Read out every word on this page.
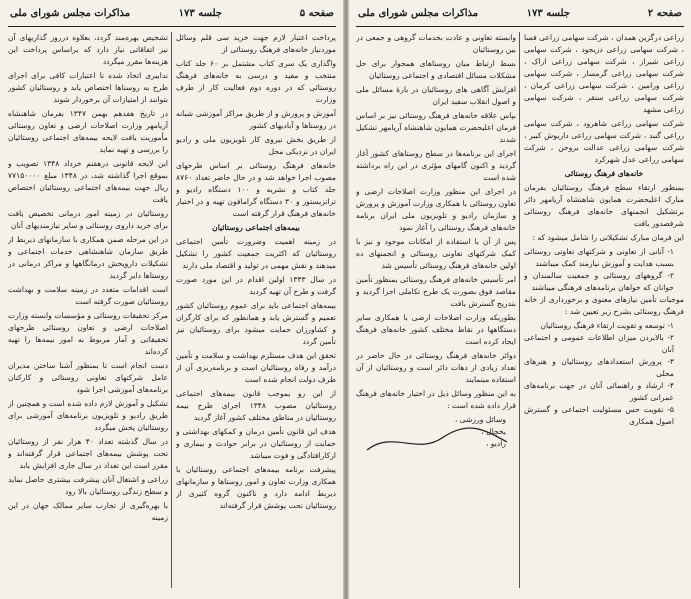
صفحه ۵
جلسه ۱۷۳
مذاکرات مجلس شورای ملی

پرداخت اعتبار لازم جهت خرید سی قلم وسائل موردنیاز خانه‌های فرهنگ روستائی از

واگذاری یک سری کتاب مشتمل بر ۶۰ جلد کتاب منتخب و مفید و درسی به خانه‌های فرهنگ روستائی که در دوره دوم فعالیت کار از طرف وزارت

آموزش و پرورش و از طریق مراکز آموزشی شبانه در روستاها و آبادیهای کشور

از طریق بخش نیروی کار تلویزیون ملی و رادیو ایران در نزدیکی محل

خانه‌های فرهنگ روستائی بر اساس طرحهای مصوب اجرا خواهد شد و در حال حاضر تعداد ۸۷۶۰ جلد کتاب و نشریه و ۱۰۰ دستگاه رادیو و ترانزیستور و ۳۰ دستگاه گرامافون تهیه و در اختیار خانه‌های فرهنگ قرار گرفته است

بیمه‌های اجتماعی روستائیان

در زمینه اهمیت وضرورت تأمین اجتماعی روستائیان که اکثریت جمعیت کشور را تشکیل میدهند و نقش مهمی در تولید و اقتصاد ملی دارند

در سال ۱۳۴۳ اولین اقدام در این مورد صورت گرفت و طرح آن تهیه گردید

بیمه‌های اجتماعی باید برای عموم روستائیان کشور تعمیم و گسترش یابد و همانطور که برای کارگران و کشاورزان حمایت میشود برای روستائیان نیز تأمین گردد

تحقق این هدف مستلزم بهداشت و سلامت و تأمین درآمد و رفاه روستائیان است و برنامه‌ریزی آن از طرف دولت انجام شده است

از این رو بموجب قانون بیمه‌های اجتماعی روستائیان مصوب ۱۳۴۸ اجرای طرح بیمه روستائیان در مناطق مختلف کشور آغاز گردید

هدف این قانون تأمین درمان و کمکهای بهداشتی و حمایت از روستائیان در برابر حوادث و بیماری و ازکارافتادگی و فوت میباشد

پیشرفت برنامه بیمه‌های اجتماعی روستائیان با همکاری وزارت تعاون و امور روستاها و سازمانهای ذیربط ادامه دارد و تاکنون گروه کثیری از روستائیان تحت پوشش قرار گرفته‌اند

تشخیص بهره‌مند گردد، بعلاوه درروز گذاریهای آن نیز اتفاقاتی نیاز دارد که براساس پرداخت این هزینه‌ها مقرر میگردد

تدابیری اتخاذ شده تا اعتبارات کافی برای اجرای طرح به روستاها اختصاص یابد و روستائیان کشور بتوانند از امتیازات آن برخوردار شوند

در تاریخ هفدهم بهمن ۱۳۴۷ بفرمان شاهنشاه آریامهر وزارت اصلاحات ارضی و تعاون روستائی مأموریت یافت لایحه بیمه‌های اجتماعی روستائیان را بررسی و تهیه نماید

این لایحه قانونی درهفتم خرداد ۱۳۴۸ تصویب و بموقع اجرا گذاشته شد، در ۱۳۴۸ مبلغ ۷۷۱۵۰۰۰۰ ریال جهت بیمه‌های اجتماعی روستائیان اختصاص یافت

روستائیان در زمینه امور درمانی تخصیص یافت برای خرید داروی روستائی و سایر نیازمندیهای آنان

در این مرحله ضمن همکاری با سازمانهای ذیربط از طریق سازمان شاهنشاهی خدمات اجتماعی و تشکیلات داروپخش درمانگاهها و مراکز درمانی در روستاها دایر گردید

است اقدامات متعدد در زمینه سلامت و بهداشت روستائیان صورت گرفته است

مرکز تحقیقات روستائی و مؤسسات وابسته وزارت اصلاحات ارضی و تعاون روستائی طرحهای تحقیقاتی و آمار مربوط به امور بیمه‌ها را تهیه کرده‌اند

دست انجام است تا بمنظور آشنا ساختن مدیران عامل شرکتهای تعاونی روستائی و کارکنان برنامه‌های آموزشی اجرا شود

تشکیل و آموزش لازم داده شده است و همچنین از طریق رادیو و تلویزیون برنامه‌های آموزشی برای روستائیان پخش میگردد

در سال گذشته تعداد ۴۰ هزار نفر از روستائیان تحت پوشش بیمه‌های اجتماعی قرار گرفته‌اند و مقرر است این تعداد در سال جاری افزایش یابد

زراعی و اشتغال آنان پیشرفت بیشتری حاصل نماید و سطح زندگی روستائیان بالا رود

با بهره‌گیری از تجارب سایر ممالک جهان در این زمینه

صفحه ۲
جلسه ۱۷۳
مذاکرات مجلس شورای ملی

زراعی درگزین همدان ، شرکت سهامی زراعی فسا ، شرکت سهامی زراعی دزیجود ، شرکت سهامی زراعی شیراز ، شرکت سهامی زراعی اراک ، شرکت سهامی زراعی گرمسار ، شرکت سهامی زراعی ورامین ، شرکت سهامی زراعی کرمان ، شرکت سهامی زراعی سنقر ، شرکت سهامی زراعی مشهد

شرکت سهامی زراعی شاهرود ، شرکت سهامی زراعی گنبد ، شرکت سهامی زراعی داریوش کبیر ، شرکت سهامی زراعی عدالت بروجن ، شرکت سهامی زراعی عدل شهرکرد

خانه‌های فرهنگ روستائی

بمنظور ارتقاء سطح فرهنگ روستائیان بفرمان مبارک اعلیحضرت همایون شاهنشاه آریامهر دائر برتشکیل انجمنهای خانه‌های فرهنگ روستائی شرفصدور یافت

این فرمان مبارک تشکیلاتی را شامل میشود که :

۱- آنانی از تعاونی و شرکتهای تعاونی روستائی بسبب هدایت و آموزش نیازمند کمک میباشند

۲- گروههای روستائی و جمعیت سالمندان و جوانان که خواهان برنامه‌های فرهنگی میباشند

موجبات تأمین نیازهای معنوی و برخورداری از خانه فرهنگ روستائی بشرح زیر تعیین شد :

۱- توسعه و تقویت ارتقاء فرهنگ روستائیان

۲- بالابردن میزان اطلاعات عمومی و اجتماعی آنان

۳- پرورش استعدادهای روستائیان و هنرهای محلی

۴- ارشاد و راهنمائی آنان در جهت برنامه‌های عمرانی کشور

۵- تقویت حس مسئولیت اجتماعی و گسترش اصول همکاری

وابسته تعاونی و عادت بخدمات گروهی و جمعی در بین روستائیان

بسط ارتباط میان روستاهای همجوار برای حل مشکلات مسائل اقتصادی و اجتماعی روستائیان

افزایش آگاهی های روستائیان در بارهٔ مسائل ملی و اصول انقلاب سفید ایران

بپاس علاقه خانه‌های فرهنگ روستائی نیز بر اساس فرمان اعلیحضرت همایون شاهنشاه آریامهر تشکیل شدند

اجرای این برنامه‌ها در سطح روستاهای کشور آغاز گردید و اکنون گامهای مؤثری در این راه برداشته شده است

در اجرای این منظور وزارت اصلاحات ارضی و تعاون روستائی با همکاری وزارت آموزش و پرورش و سازمان رادیو و تلویزیون ملی ایران برنامه خانه‌های فرهنگ روستائی را آغاز نمود

پس از آن با استفاده از امکانات موجود و نیز با کمک شرکتهای تعاونی روستائی و انجمنهای ده اولین خانه‌های فرهنگ روستائی تأسیس شد

امر تأسیس خانه‌های فرهنگ روستائی بمنظور تأمین مقاصد فوق بصورت یک طرح تکاملی اجرا گردید و بتدریج گسترش یافت

بطوریکه وزارت اصلاحات ارضی با همکاری سایر دستگاهها در نقاط مختلف کشور خانه‌های فرهنگ ایجاد کرده است

دوائر خانه‌های فرهنگ روستائی در حال حاضر در تعداد زیادی از دهات دائر است و روستائیان از آن استفاده مینمایند

به این منظور وسائل ذیل در اختیار خانه‌های فرهنگ قرار داده شده است :

وسائل ورزشی ،

یخچال ،

رادیو ،
